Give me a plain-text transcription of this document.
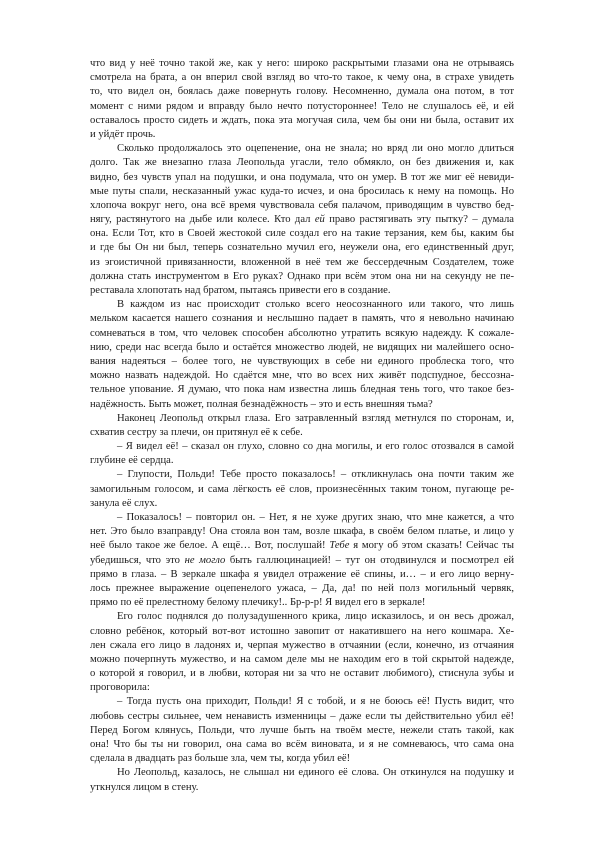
что вид у неё точно такой же, как у него: широко раскрытыми глазами она не отрываясь
смотрела на брата, а он вперил свой взгляд во что-то такое, к чему она, в страхе увидеть
то, что видел он, боялась даже повернуть голову. Несомненно, думала она потом, в тот
момент с ними рядом и вправду было нечто потустороннее! Тело не слушалось её, и ей
оставалось просто сидеть и ждать, пока эта могучая сила, чем бы они ни была, оставит их
и уйдёт прочь.
Сколько продолжалось это оцепенение, она не знала; но вряд ли оно могло длиться
долго. Так же внезапно глаза Леопольда угасли, тело обмякло, он без движения и, как
видно, без чувств упал на подушки, и она подумала, что он умер. В тот же миг её невиди-
мые путы спали, несказанный ужас куда-то исчез, и она бросилась к нему на помощь. Но
хлопоча вокруг него, она всё время чувствовала себя палачом, приводящим в чувство бед-
нягу, растянутого на дыбе или колесе. Кто дал ей право растягивать эту пытку? – думала
она. Если Тот, кто в Своей жестокой силе создал его на такие терзания, кем бы, каким бы
и где бы Он ни был, теперь сознательно мучил его, неужели она, его единственный друг,
из эгоистичной привязанности, вложенной в неё тем же бессердечным Создателем, тоже
должна стать инструментом в Его руках? Однако при всём этом она ни на секунду не пе-
реставала хлопотать над братом, пытаясь привести его в создание.
В каждом из нас происходит столько всего неосознанного или такого, что лишь
мельком касается нашего сознания и неслышно падает в память, что я невольно начинаю
сомневаться в том, что человек способен абсолютно утратить всякую надежду. К сожале-
нию, среди нас всегда было и остаётся множество людей, не видящих ни малейшего осно-
вания надеяться – более того, не чувствующих в себе ни единого проблеска того, что
можно назвать надеждой. Но сдаётся мне, что во всех них живёт подспудное, бессозна-
тельное упование. Я думаю, что пока нам известна лишь бледная тень того, что такое без-
надёжность. Быть может, полная безнадёжность – это и есть внешняя тьма?
Наконец Леопольд открыл глаза. Его затравленный взгляд метнулся по сторонам, и,
схватив сестру за плечи, он притянул её к себе.
– Я видел её! – сказал он глухо, словно со дна могилы, и его голос отозвался в самой
глубине её сердца.
– Глупости, Польди! Тебе просто показалось! – откликнулась она почти таким же
замогильным голосом, и сама лёгкость её слов, произнесённых таким тоном, пугающе ре-
занула её слух.
– Показалось! – повторил он. – Нет, я не хуже других знаю, что мне кажется, а что
нет. Это было взаправду! Она стояла вон там, возле шкафа, в своём белом платье, и лицо у
неё было такое же белое. А ещё… Вот, послушай! Тебе я могу об этом сказать! Сейчас ты
убедишься, что это не могло быть галлюцинацией! – тут он отодвинулся и посмотрел ей
прямо в глаза. – В зеркале шкафа я увидел отражение её спины, и… – и его лицо верну-
лось прежнее выражение оцепенелого ужаса, – Да, да! по ней полз могильный червяк,
прямо по её прелестному белому плечику!.. Бр-р-р! Я видел его в зеркале!
Его голос поднялся до полузадушенного крика, лицо исказилось, и он весь дрожал,
словно ребёнок, который вот-вот истошно завопит от накатившего на него кошмара. Хе-
лен сжала его лицо в ладонях и, черпая мужество в отчаянии (если, конечно, из отчаяния
можно почерпнуть мужество, и на самом деле мы не находим его в той скрытой надежде,
о которой я говорил, и в любви, которая ни за что не оставит любимого), стиснула зубы и
проговорила:
– Тогда пусть она приходит, Польди! Я с тобой, и я не боюсь её! Пусть видит, что
любовь сестры сильнее, чем ненависть изменницы – даже если ты действительно убил её!
Перед Богом клянусь, Польди, что лучше быть на твоём месте, нежели стать такой, как
она! Что бы ты ни говорил, она сама во всём виновата, и я не сомневаюсь, что сама она
сделала в двадцать раз больше зла, чем ты, когда убил её!
Но Леопольд, казалось, не слышал ни единого её слова. Он откинулся на подушку и
уткнулся лицом в стену.
